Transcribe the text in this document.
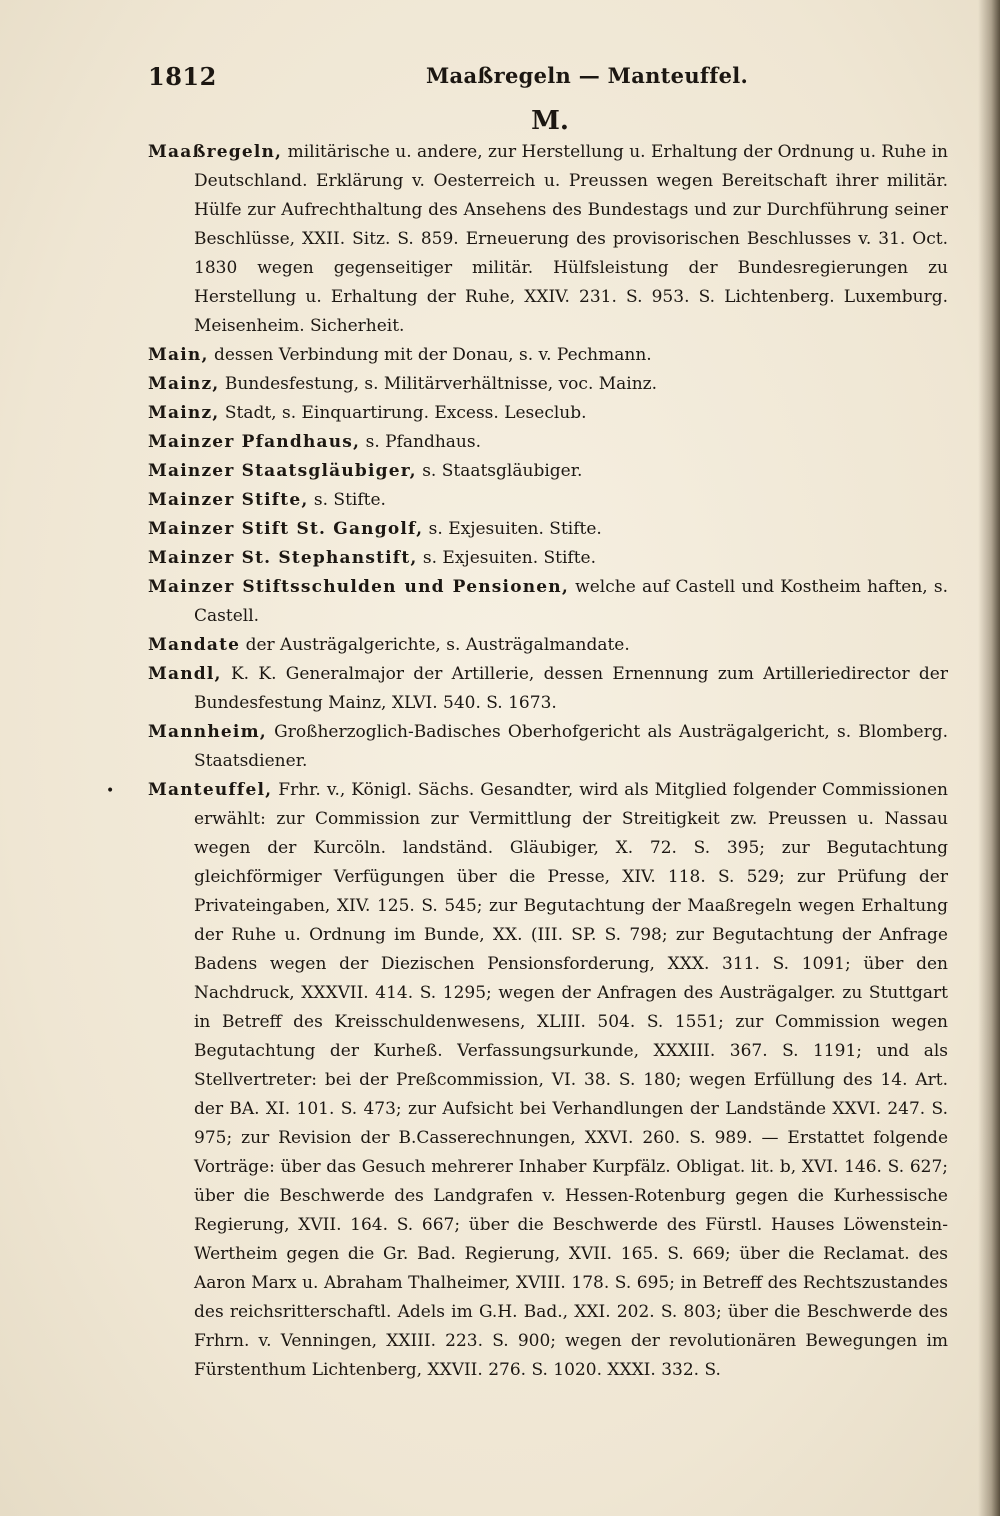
1812	Maaßregeln — Manteuffel.
M.
•

Maaßregeln, militärische u. andere, zur Herstellung u. Erhaltung der Ordnung u. Ruhe in Deutschland. Erklärung v. Oesterreich u. Preussen wegen Bereitschaft ihrer militär. Hülfe zur Aufrechthaltung des Ansehens des Bundestags und zur Durchführung seiner Beschlüsse, XXII. Sitz. S. 859. Erneuerung des provisorischen Beschlusses v. 31. Oct. 1830 wegen gegenseitiger militär. Hülfsleistung der Bundesregierungen zu Herstellung u. Erhaltung der Ruhe, XXIV. 231. S. 953. S. Lichtenberg. Luxemburg. Meisenheim. Sicherheit.

Main, dessen Verbindung mit der Donau, s. v. Pechmann.

Mainz, Bundesfestung, s. Militärverhältnisse, voc. Mainz.

Mainz, Stadt, s. Einquartirung. Excess. Leseclub.

Mainzer Pfandhaus, s. Pfandhaus.

Mainzer Staatsgläubiger, s. Staatsgläubiger.

Mainzer Stifte, s. Stifte.

Mainzer Stift St. Gangolf, s. Exjesuiten. Stifte.

Mainzer St. Stephanstift, s. Exjesuiten. Stifte.

Mainzer Stiftsschulden und Pensionen, welche auf Castell und Kostheim haften, s. Castell.

Mandate der Austrägalgerichte, s. Austrägalmandate.

Mandl, K. K. Generalmajor der Artillerie, dessen Ernennung zum Artilleriedirector der Bundesfestung Mainz, XLVI. 540. S. 1673.

Mannheim, Großherzoglich-Badisches Oberhofgericht als Austrägalgericht, s. Blomberg. Staatsdiener.

Manteuffel, Frhr. v., Königl. Sächs. Gesandter, wird als Mitglied folgender Commissionen erwählt: zur Commission zur Vermittlung der Streitigkeit zw. Preussen u. Nassau wegen der Kurcöln. landständ. Gläubiger, X. 72. S. 395; zur Begutachtung gleichförmiger Verfügungen über die Presse, XIV. 118. S. 529; zur Prüfung der Privateingaben, XIV. 125. S. 545; zur Begutachtung der Maaßregeln wegen Erhaltung der Ruhe u. Ordnung im Bunde, XX. (III. SP. S. 798; zur Begutachtung der Anfrage Badens wegen der Diezischen Pensionsforderung, XXX. 311. S. 1091; über den Nachdruck, XXXVII. 414. S. 1295; wegen der Anfragen des Austrägalger. zu Stuttgart in Betreff des Kreisschuldenwesens, XLIII. 504. S. 1551; zur Commission wegen Begutachtung der Kurheß. Verfassungsurkunde, XXXIII. 367. S. 1191; und als Stellvertreter: bei der Preßcommission, VI. 38. S. 180; wegen Erfüllung des 14. Art. der BA. XI. 101. S. 473; zur Aufsicht bei Verhandlungen der Landstände XXVI. 247. S. 975; zur Revision der B.Casserechnungen, XXVI. 260. S. 989. — Erstattet folgende Vorträge: über das Gesuch mehrerer Inhaber Kurpfälz. Obligat. lit. b, XVI. 146. S. 627; über die Beschwerde des Landgrafen v. Hessen-Rotenburg gegen die Kurhessische Regierung, XVII. 164. S. 667; über die Beschwerde des Fürstl. Hauses Löwenstein-Wertheim gegen die Gr. Bad. Regierung, XVII. 165. S. 669; über die Reclamat. des Aaron Marx u. Abraham Thalheimer, XVIII. 178. S. 695; in Betreff des Rechtszustandes des reichsritterschaftl. Adels im G.H. Bad., XXI. 202. S. 803; über die Beschwerde des Frhrn. v. Venningen, XXIII. 223. S. 900; wegen der revolutionären Bewegungen im Fürstenthum Lichtenberg, XXVII. 276. S. 1020. XXXI. 332. S.
